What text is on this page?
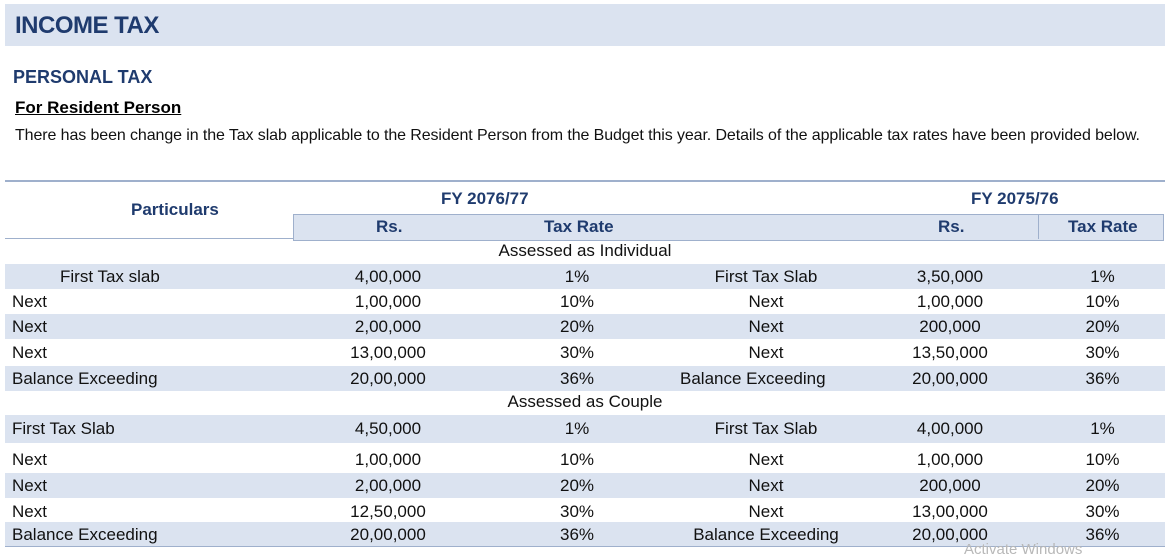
INCOME TAX
PERSONAL TAX
For Resident Person
There has been change in the Tax slab applicable to the Resident Person from the Budget this year. Details of the applicable tax rates have been provided below.
Particulars
FY 2076/77	FY 2075/76
Rs.	Tax Rate	Rs.	Tax Rate
Assessed as Individual
First Tax slab	4,00,000	1%	First Tax Slab	3,50,000	1%
Next	1,00,000	10%	Next	1,00,000	10%
Next	2,00,000	20%	Next	200,000	20%
Next	13,00,000	30%	Next	13,50,000	30%
Balance Exceeding	20,00,000	36%	Balance Exceeding	20,00,000	36%
Assessed as Couple
First Tax Slab	4,50,000	1%	First Tax Slab	4,00,000	1%
Next	1,00,000	10%	Next	1,00,000	10%
Next	2,00,000	20%	Next	200,000	20%
Next	12,50,000	30%	Next	13,00,000	30%
Balance Exceeding	20,00,000	36%	Balance Exceeding	20,00,000	36%
Activate Windows
